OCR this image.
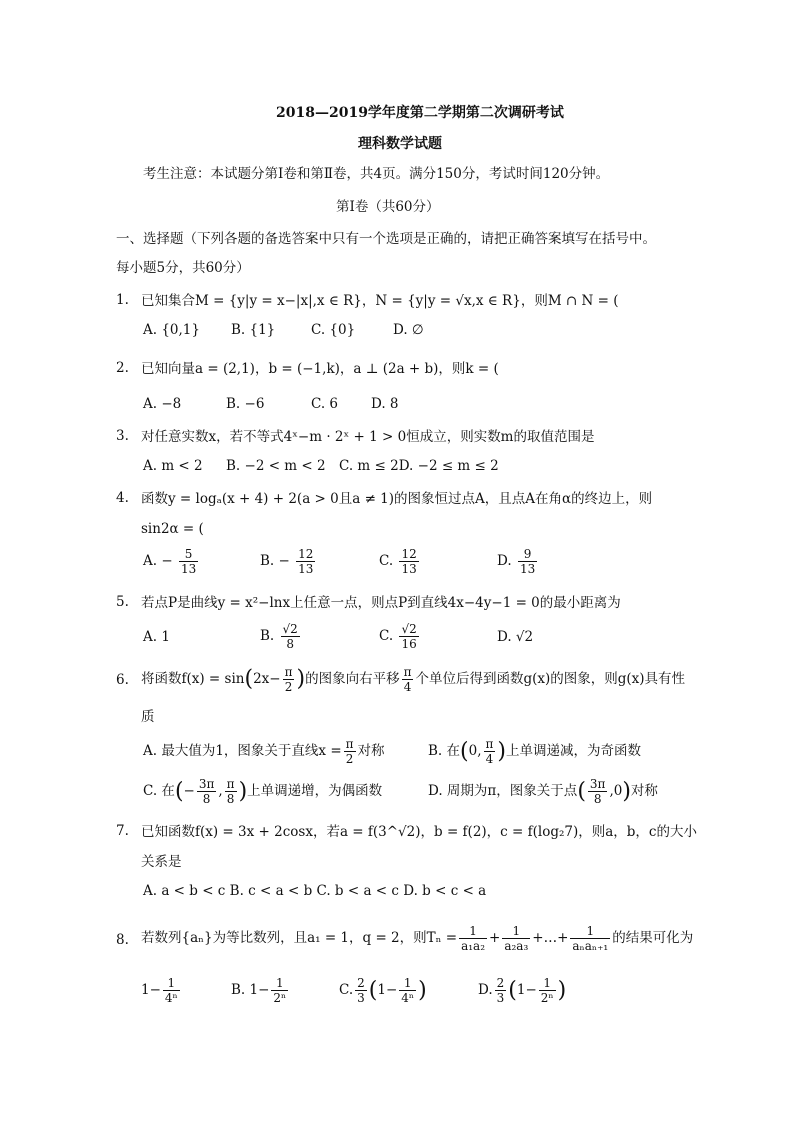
2018—2019学年度第二学期第二次调研考试
理科数学试题
考生注意：本试题分第Ⅰ卷和第Ⅱ卷，共4页。满分150分，考试时间120分钟。
第Ⅰ卷（共60分）
一、选择题（下列各题的备选答案中只有一个选项是正确的，请把正确答案填写在括号中。
每小题5分，共60分）
1. 已知集合M = {y|y = x−|x|,x ∈ R}，N = {y|y = √x,x ∈ R}，则M ∩ N = (
A. {0,1} B. {1}	C. {0}	D. ∅
2. 已知向量a = (2,1)，b = (−1,k)，a ⊥ (2a + b)，则k = (
A. −8	B. −6	C. 6 D. 8
3. 对任意实数x，若不等式4ˣ−m · 2ˣ + 1 > 0恒成立，则实数m的取值范围是
A. m < 2 B. −2 < m < 2 C. m ≤ 2D. −2 ≤ m ≤ 2
4. 函数y = logₐ(x + 4) + 2(a > 0且a ≠ 1)的图象恒过点A，且点A在角α的终边上，则
sin2α = (
A. − $\frac{5}{13}$	B. − $\frac{12}{13}$	C. $\frac{12}{13}$	D. $\frac{9}{13}$
5. 若点P是曲线y = x²−lnx上任意一点，则点P到直线4x−4y−1 = 0的最小距离为
A. 1	B. $\frac{√2}{8}$	C. $\frac{√2}{16}$	D. √2
6. 将函数$f(x) = \sin(2x- \frac{\pi}{2}$ )的图象向右平移 $\frac{\pi}{4}$ 个单位后得到函数g(x)的图象，则g(x)具有性
质
A. 最大值为1，图象关于直线$x = \frac{\pi}{2}$ 对称	B. 在(0, $\frac{\pi}{4}$ )上单调递减，为奇函数
C. 在(− $\frac{3\pi}{8}$ , $\frac{\pi}{8}$ )上单调递增，为偶函数	D. 周期为π，图象关于点( $\frac{3\pi}{8} ,0$)对称
7. 已知函数f(x) = 3x + 2cosx，若a = f(3^√2)，b = f(2)，c = f(log₂7)，则a，b，c的大小
关系是
A. a < b < c B. c < a < b C. b < a < c D. b < c < a
8. 若数列{aₙ}为等比数列，且a₁ = 1，q = 2，则$T_n = \frac{1}{\text{a₁a₂}} + \frac{1}{\text{a₂a₃}}$ +…+ $\frac{1}{\text{aₙaₙ₊₁}}$ 的结果可化为
$1- \frac{1}{\text{4ⁿ}}$	B. $1- \frac{1}{\text{2ⁿ}}$	C. $\frac{2}{3} (1- \frac{1}{\text{4ⁿ}}$ )	D. $\frac{2}{3} (1- \frac{1}{\text{2ⁿ}}$ )
